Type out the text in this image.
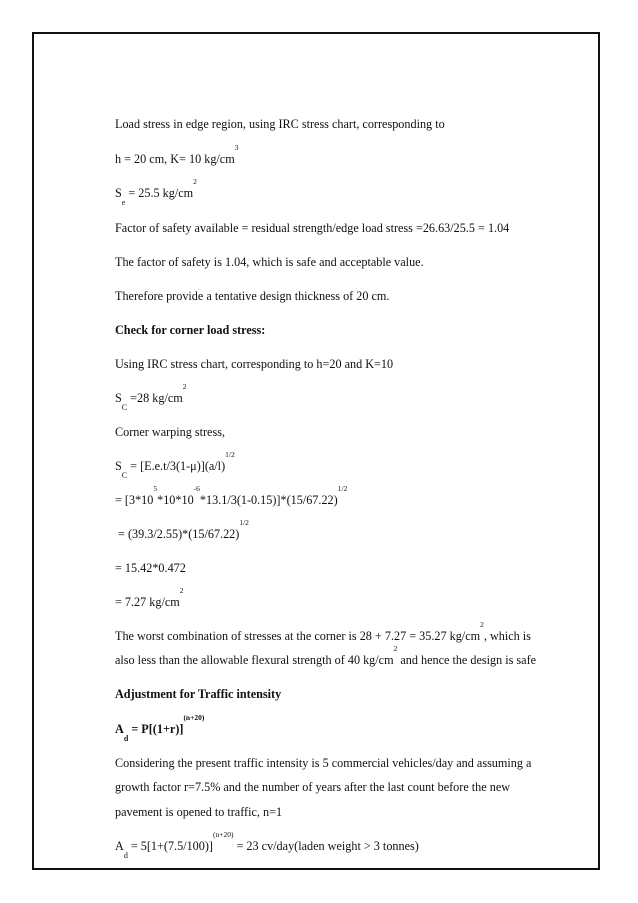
Load stress in edge region, using IRC stress chart, corresponding to

h = 20 cm, K= 10 $kg/cm^3$

$S_e = 25.5$ $kg/cm^2$

Factor of safety available = residual strength/edge load stress =26.63/25.5 = 1.04

The factor of safety is 1.04, which is safe and acceptable value.

Therefore provide a tentative design thickness of 20 cm.

Check for corner load stress:

Using IRC stress chart, corresponding to h=20 and K=10

$S_C =28$ $kg/cm^2$

Corner warping stress,

$S_C = [E.e.t/3(1-\mu)](a/l)^{1/2}$

= $[3*10^5*10*10^{-6}*13.1/3(1-0.15)]*(15/67.22)^{1/2}$

= $(39.3/2.55)*(15/67.22)^{1/2}$

= 15.42*0.472

= 7.27 $kg/cm^2$

The worst combination of stresses at the corner is 28 + 7.27 = 35.27 $kg/cm^2$, which is

also less than the allowable flexural strength of 40 $kg/cm^2$ and hence the design is safe

Adjustment for Traffic intensity

$A_d = P[(1+r)]^{(n+20)}$

Considering the present traffic intensity is 5 commercial vehicles/day and assuming a

growth factor r=7.5% and the number of years after the last count before the new

pavement is opened to traffic, n=1

$A_d = 5[1+(7.5/100)]^{(n+20)} = 23$ cv/day(laden weight > 3 tonnes)
